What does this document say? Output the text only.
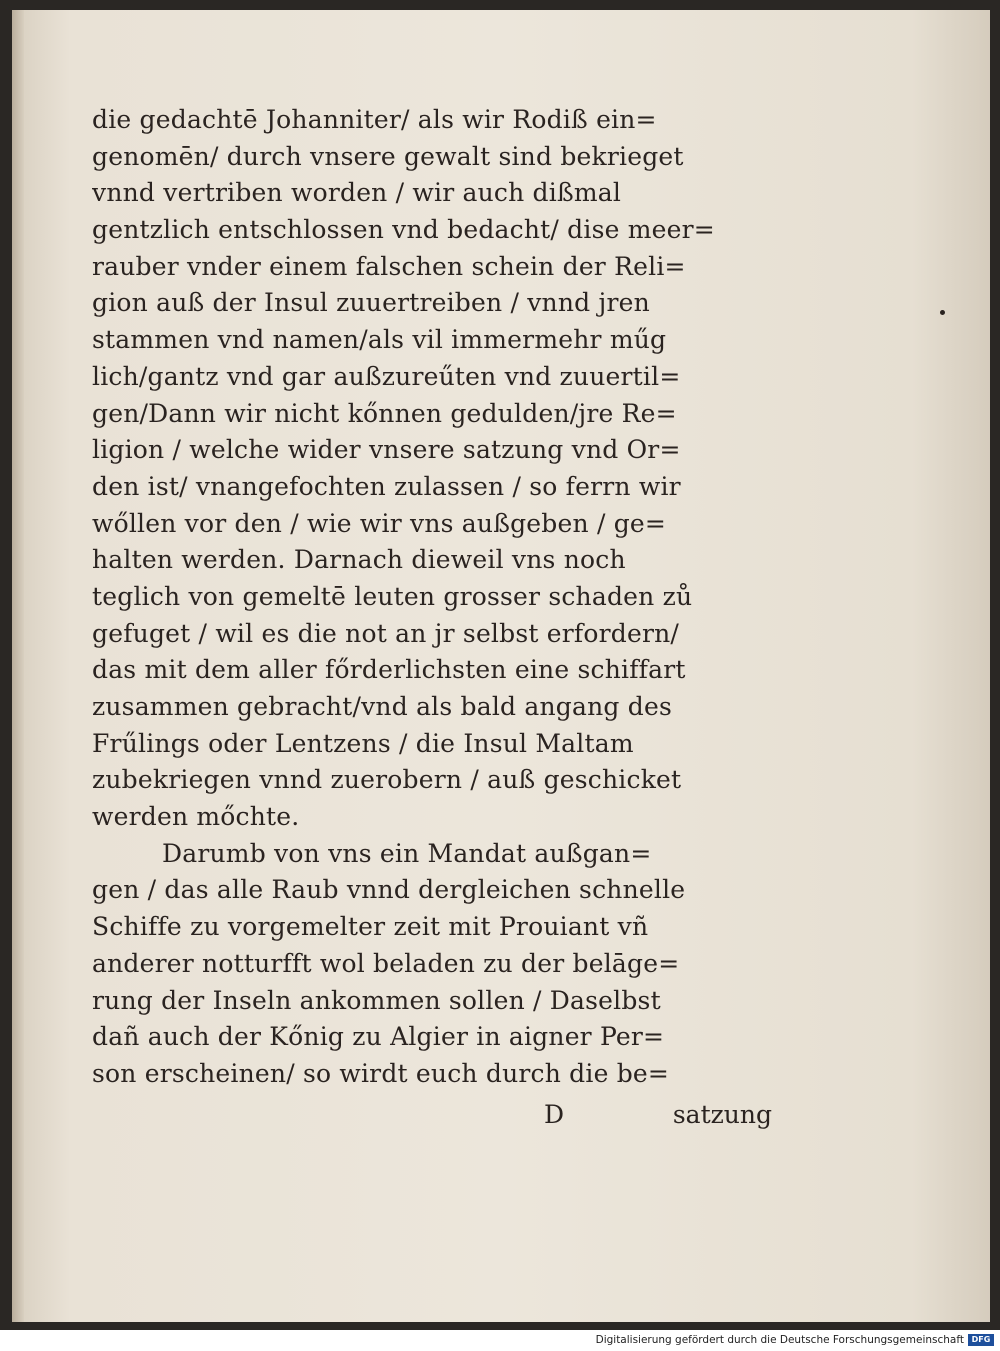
die gedachtē Johanniter/ als wir Rodiß ein=
genomēn/ durch vnsere gewalt sind bekrieget
vnnd vertriben worden / wir auch dißmal
gentzlich entschlossen vnd bedacht/ dise meer=
rauber vnder einem falschen schein der Reli=
gion auß der Insul zuuertreiben / vnnd jren
stammen vnd namen/als vil immermehr műg
lich/gantz vnd gar außzureűten vnd zuuertil=
gen/Dann wir nicht kőnnen gedulden/jre Re=
ligion / welche wider vnsere satzung vnd Or=
den ist/ vnangefochten zulassen / so ferrn wir
wőllen vor den / wie wir vns außgeben / ge=
halten werden. Darnach dieweil vns noch
teglich von gemeltē leuten grosser schaden zů
gefuget / wil es die not an jr selbst erfordern/
das mit dem aller főrderlichsten eine schiffart
zusammen gebracht/vnd als bald angang des
Frűlings oder Lentzens / die Insul Maltam
zubekriegen vnnd zuerobern / auß geschicket
werden mőchte.
Darumb von vns ein Mandat außgan=
gen / das alle Raub vnnd dergleichen schnelle
Schiffe zu vorgemelter zeit mit Prouiant vñ
anderer notturfft wol beladen zu der belāge=
rung der Inseln ankommen sollen / Daselbst
dañ auch der Kőnig zu Algier in aigner Per=
son erscheinen/ so wirdt euch durch die be=
D	satzung
Digitalisierung gefördert durch die Deutsche Forschungsgemeinschaft DFG
